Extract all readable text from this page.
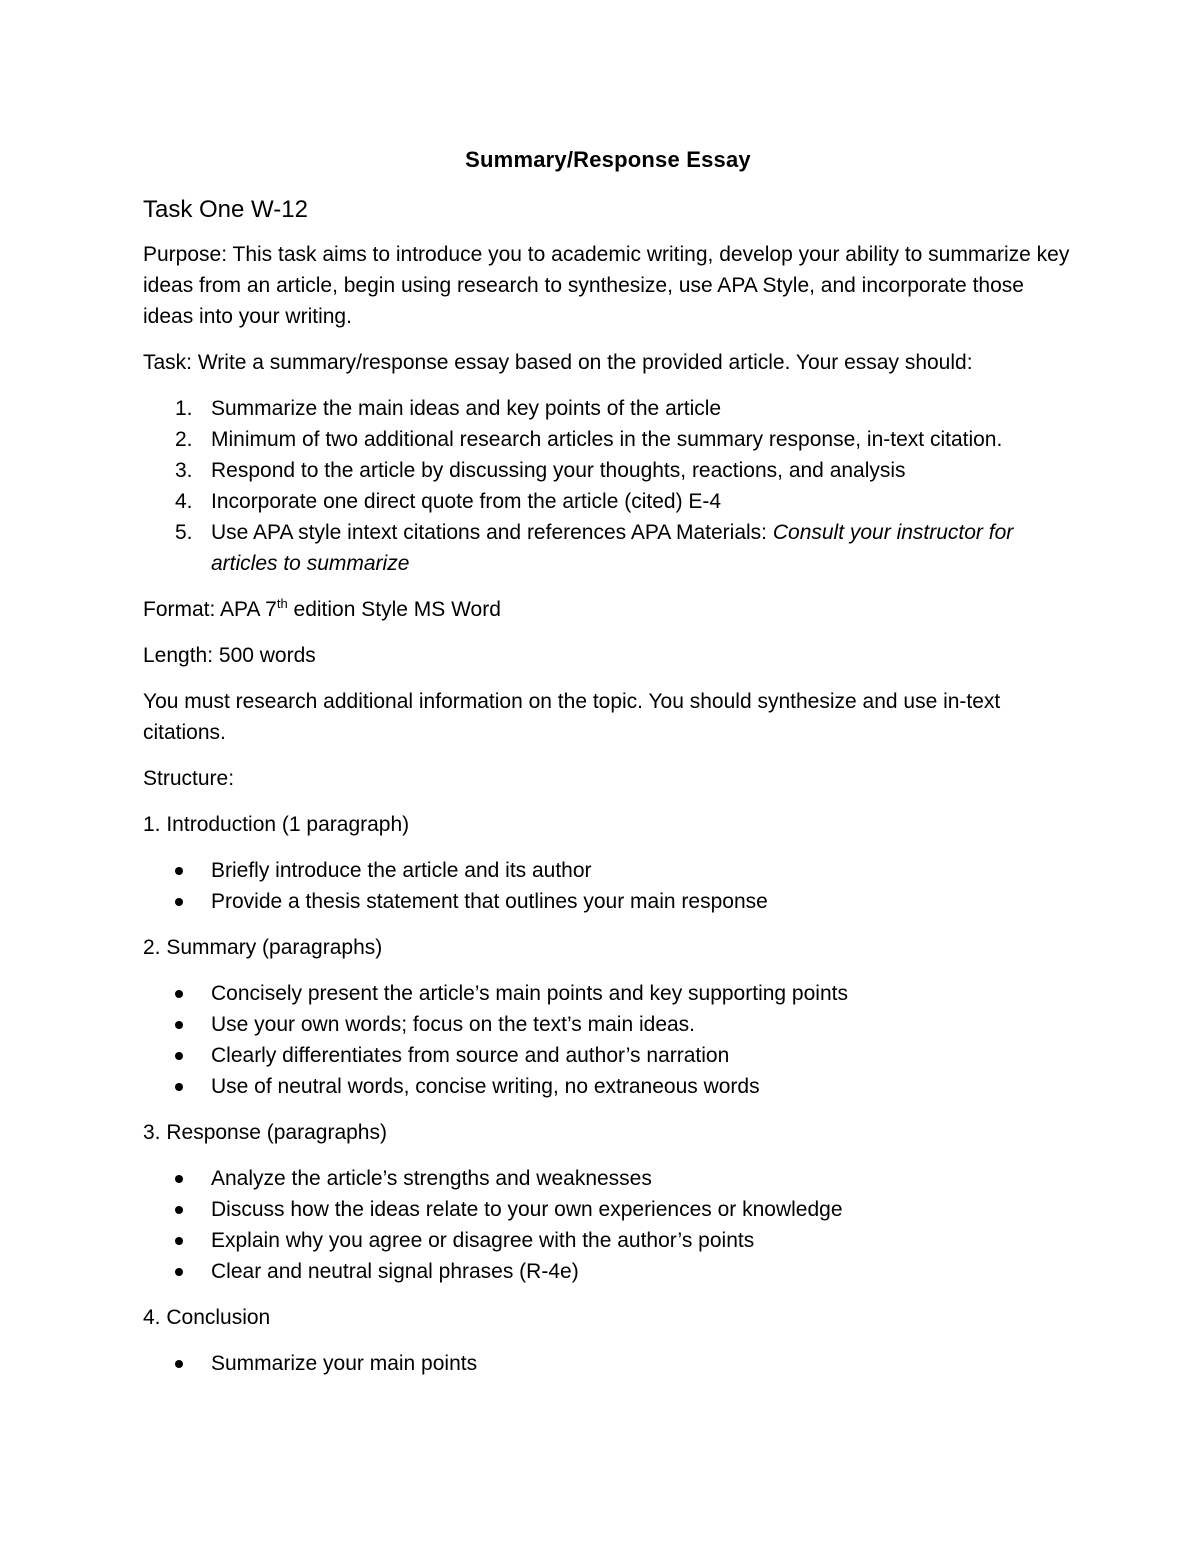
Summary/Response Essay
Task One W-12

Purpose: This task aims to introduce you to academic writing, develop your ability to summarize key ideas from an article, begin using research to synthesize, use APA Style, and incorporate those ideas into your writing.

Task: Write a summary/response essay based on the provided article. Your essay should:

1. Summarize the main ideas and key points of the article
2. Minimum of two additional research articles in the summary response, in-text citation.
3. Respond to the article by discussing your thoughts, reactions, and analysis
4. Incorporate one direct quote from the article (cited) E-4
5. Use APA style intext citations and references APA Materials: Consult your instructor for articles to summarize

Format: APA 7th edition Style MS Word

Length: 500 words

You must research additional information on the topic. You should synthesize and use in-text citations.

Structure:

1. Introduction (1 paragraph)

Briefly introduce the article and its author
Provide a thesis statement that outlines your main response

2. Summary (paragraphs)

Concisely present the article’s main points and key supporting points
Use your own words; focus on the text’s main ideas.
Clearly differentiates from source and author’s narration
Use of neutral words, concise writing, no extraneous words

3. Response (paragraphs)

Analyze the article’s strengths and weaknesses
Discuss how the ideas relate to your own experiences or knowledge
Explain why you agree or disagree with the author’s points
Clear and neutral signal phrases (R-4e)

4. Conclusion

Summarize your main points
